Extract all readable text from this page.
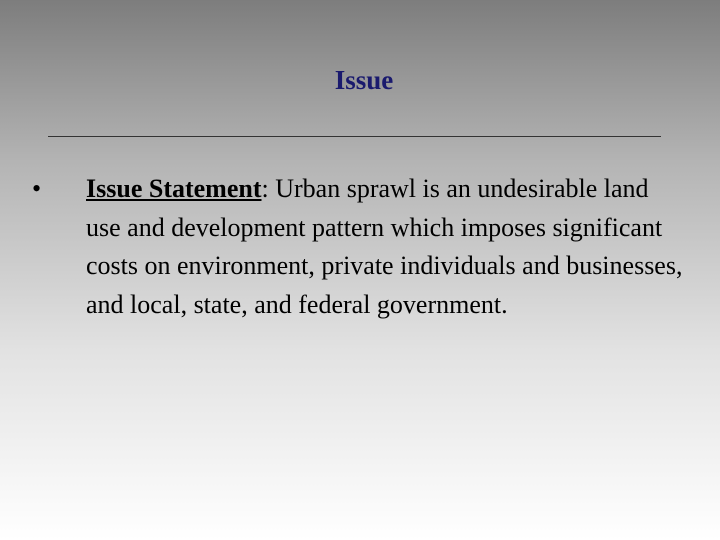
Issue
• Issue Statement: Urban sprawl is an undesirable land use and development pattern which imposes significant costs on environment, private individuals and businesses, and local, state, and federal government.
